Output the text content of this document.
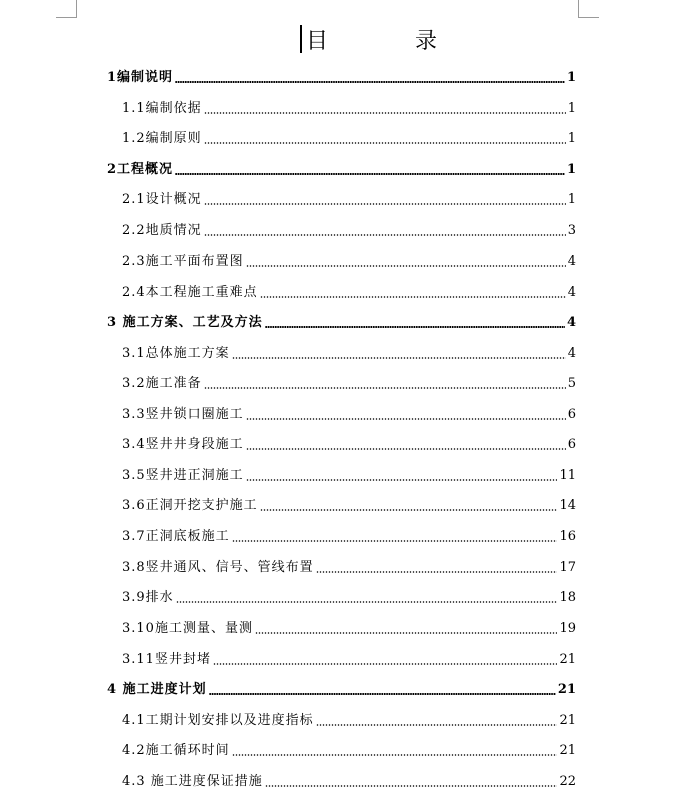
目 录
1编制说明	1
1.1编制依据	1
1.2编制原则	1
2工程概况	1
2.1设计概况	1
2.2地质情况	3
2.3施工平面布置图	4
2.4本工程施工重难点	4
3 施工方案、工艺及方法	4
3.1总体施工方案	4
3.2施工准备	5
3.3竖井锁口圈施工	6
3.4竖井井身段施工	6
3.5竖井进正洞施工	11
3.6正洞开挖支护施工	14
3.7正洞底板施工	16
3.8竖井通风、信号、管线布置	17
3.9排水	18
3.10施工测量、量测	19
3.11竖井封堵	21
4 施工进度计划	21
4.1工期计划安排以及进度指标	21
4.2施工循环时间	21
4.3 施工进度保证措施	22
